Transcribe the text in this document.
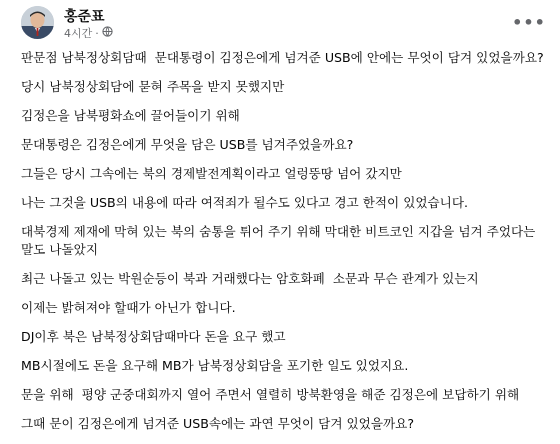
홍준표
4시간 ·
•••

판문점 남북정상회담때  문대통령이 김정은에게 넘겨준 USB에 안에는 무엇이 담겨 있었을까요?

당시 남북정상회담에 묻혀 주목을 받지 못했지만

김정은을 남북평화쇼에 끌어들이기 위해

문대통령은 김정은에게 무엇을 담은 USB를 넘겨주었을까요?

그들은 당시 그속에는 북의 경제발전계획이라고 얼렁뚱땅 넘어 갔지만

나는 그것을 USB의 내용에 따라 여적죄가 될수도 있다고 경고 한적이 있었습니다.

대북경제 제재에 막혀 있는 북의 숨통을 튀어 주기 위해 막대한 비트코인 지갑을 넘겨 주었다는 말도 나돌았지

최근 나돌고 있는 박원순등이 북과 거래했다는 암호화폐  소문과 무슨 관계가 있는지

이제는 밝혀져야 할때가 아닌가 합니다.

DJ이후 북은 남북정상회담때마다 돈을 요구 했고

MB시절에도 돈을 요구해 MB가 남북정상회담을 포기한 일도 있었지요.

문을 위해  평양 군중대회까지 열어 주면서 열렬히 방북환영을 해준 김정은에 보답하기 위해

그때 문이 김정은에게 넘겨준 USB속에는 과연 무엇이 담겨 있었을까요?
